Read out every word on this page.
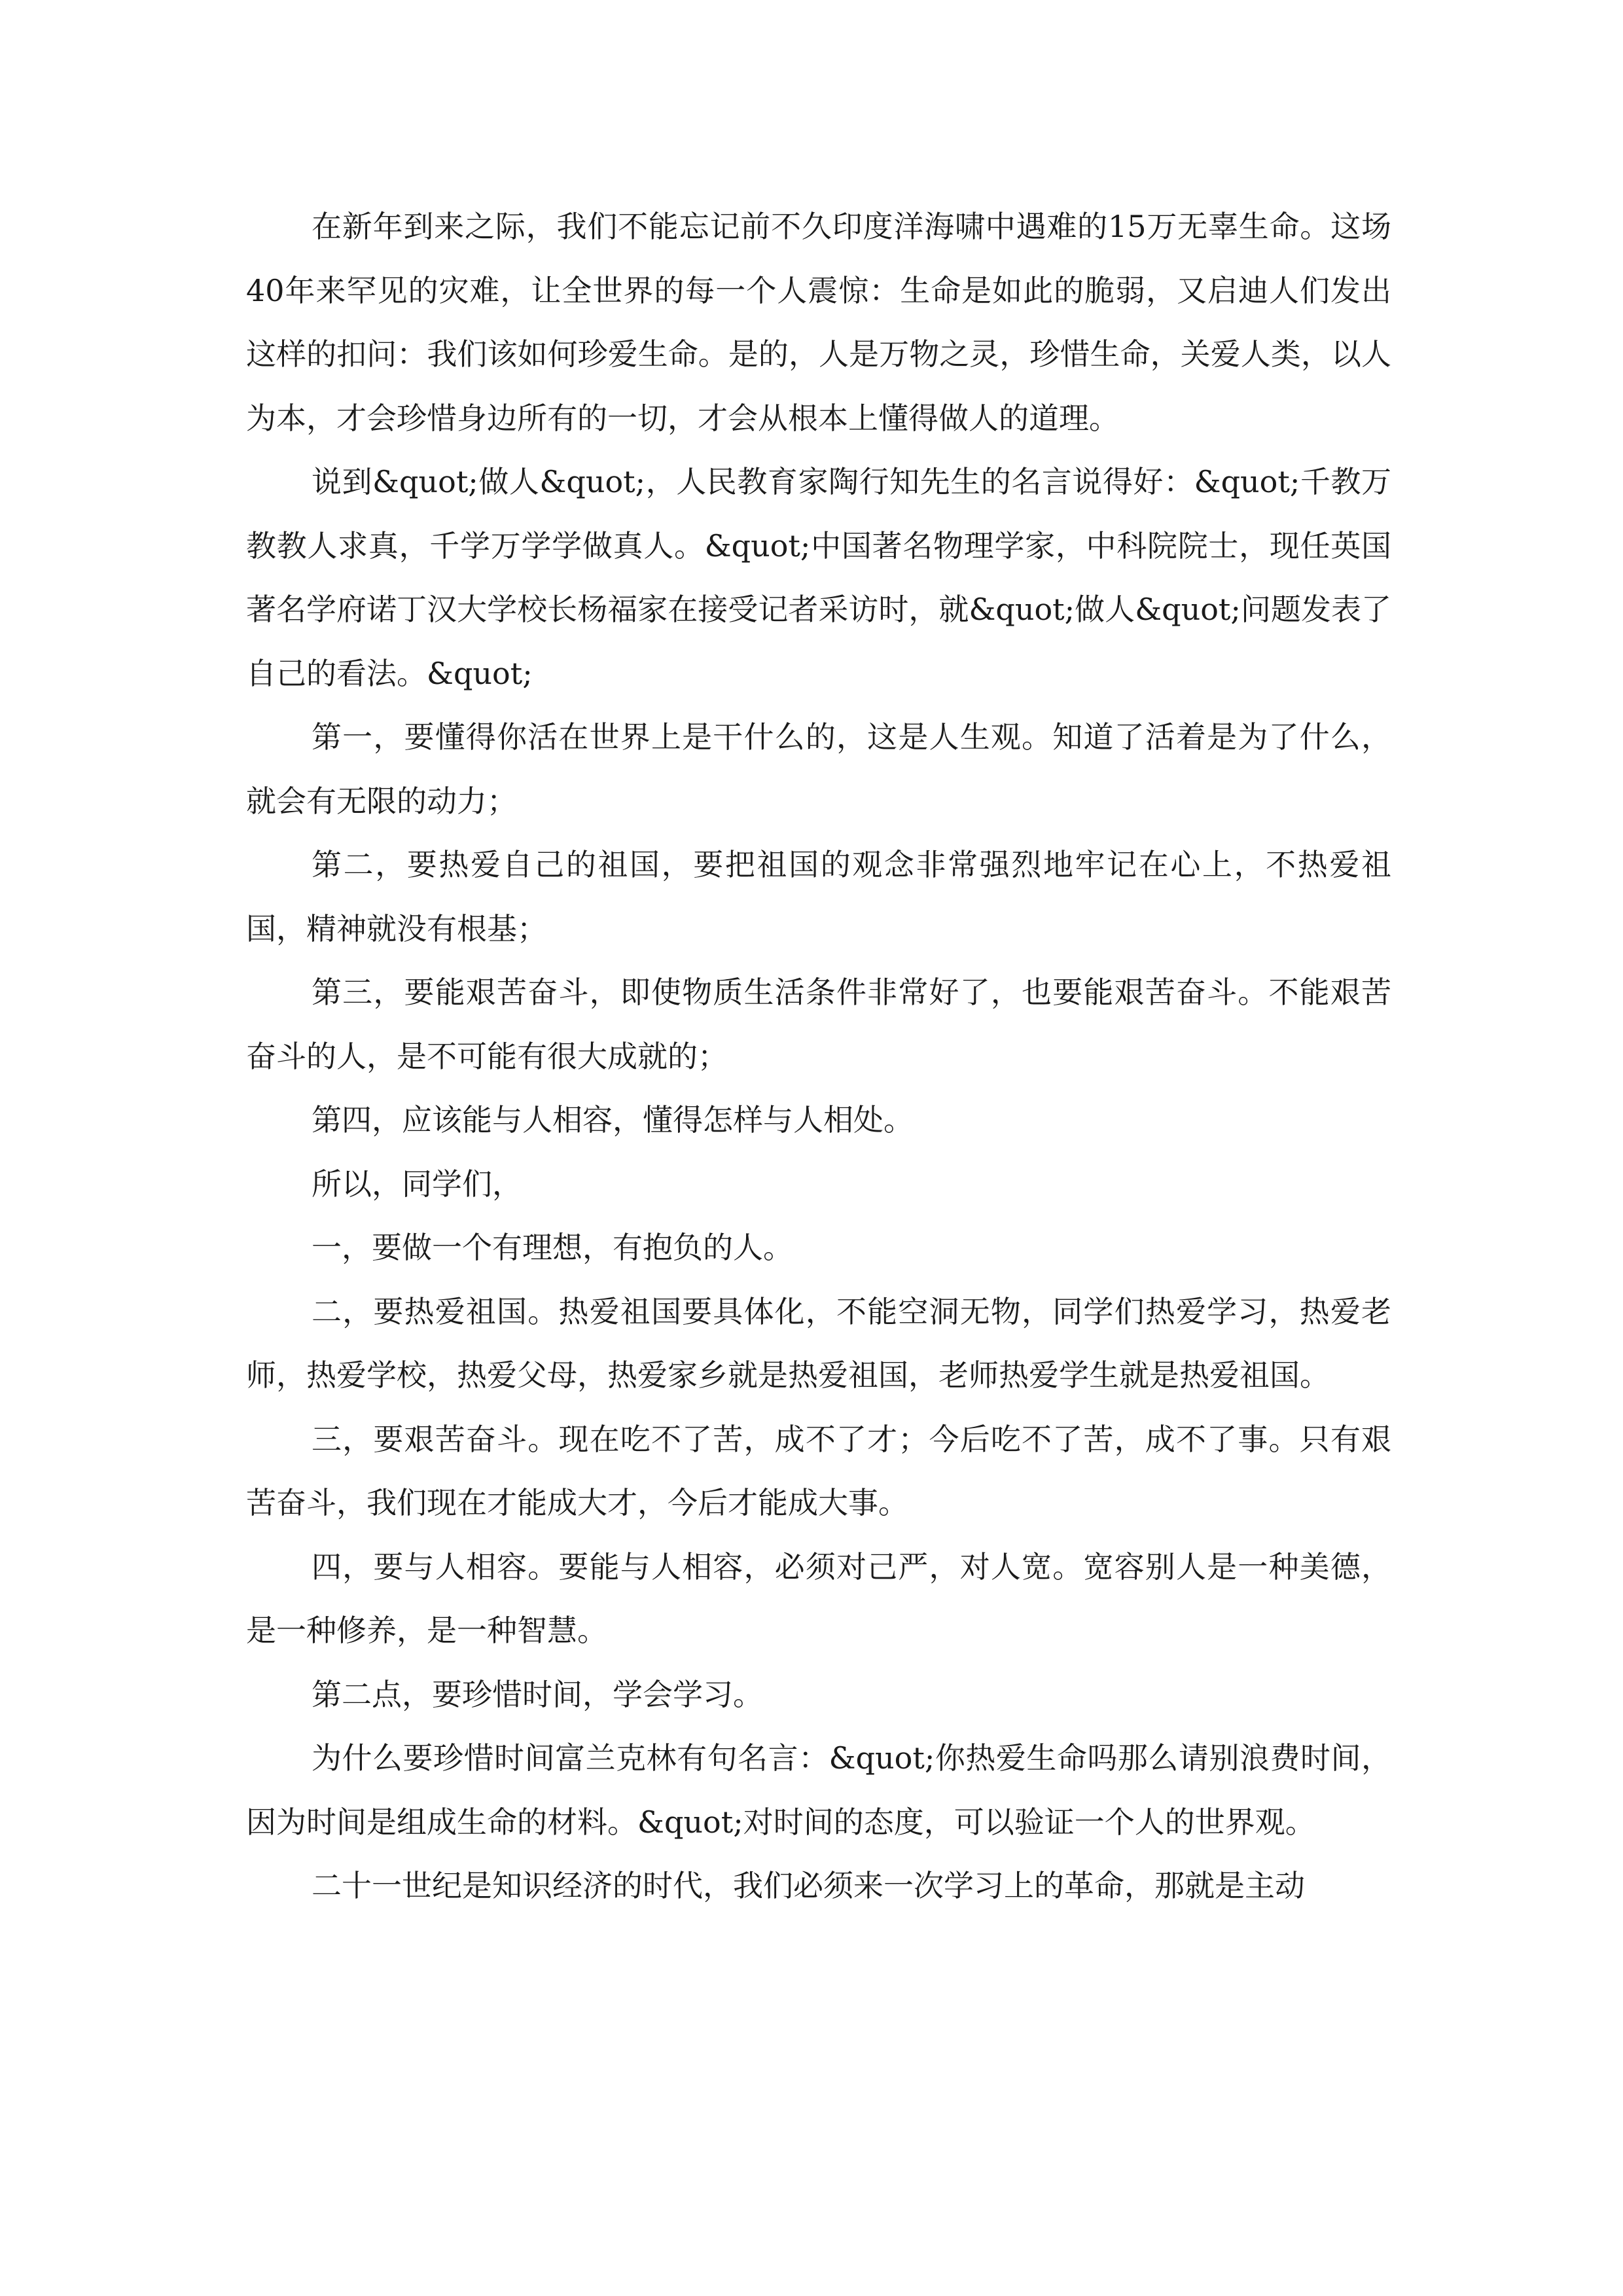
在新年到来之际，我们不能忘记前不久印度洋海啸中遇难的15万无辜生命。这场40年来罕见的灾难，让全世界的每一个人震惊：生命是如此的脆弱，又启迪人们发出这样的扣问：我们该如何珍爱生命。是的，人是万物之灵，珍惜生命，关爱人类，以人为本，才会珍惜身边所有的一切，才会从根本上懂得做人的道理。

说到&quot;做人&quot;，人民教育家陶行知先生的名言说得好：&quot;千教万教教人求真，千学万学学做真人。&quot;中国著名物理学家，中科院院士，现任英国著名学府诺丁汉大学校长杨福家在接受记者采访时，就&quot;做人&quot;问题发表了自己的看法。&quot;

第一，要懂得你活在世界上是干什么的，这是人生观。知道了活着是为了什么，就会有无限的动力；

第二，要热爱自己的祖国，要把祖国的观念非常强烈地牢记在心上，不热爱祖国，精神就没有根基；

第三，要能艰苦奋斗，即使物质生活条件非常好了，也要能艰苦奋斗。不能艰苦奋斗的人，是不可能有很大成就的；

第四，应该能与人相容，懂得怎样与人相处。

所以，同学们，

一，要做一个有理想，有抱负的人。

二，要热爱祖国。热爱祖国要具体化，不能空洞无物，同学们热爱学习，热爱老师，热爱学校，热爱父母，热爱家乡就是热爱祖国，老师热爱学生就是热爱祖国。

三，要艰苦奋斗。现在吃不了苦，成不了才；今后吃不了苦，成不了事。只有艰苦奋斗，我们现在才能成大才，今后才能成大事。

四，要与人相容。要能与人相容，必须对己严，对人宽。宽容别人是一种美德，是一种修养，是一种智慧。

第二点，要珍惜时间，学会学习。

为什么要珍惜时间富兰克林有句名言：&quot;你热爱生命吗那么请别浪费时间，因为时间是组成生命的材料。&quot;对时间的态度，可以验证一个人的世界观。

二十一世纪是知识经济的时代，我们必须来一次学习上的革命，那就是主动
